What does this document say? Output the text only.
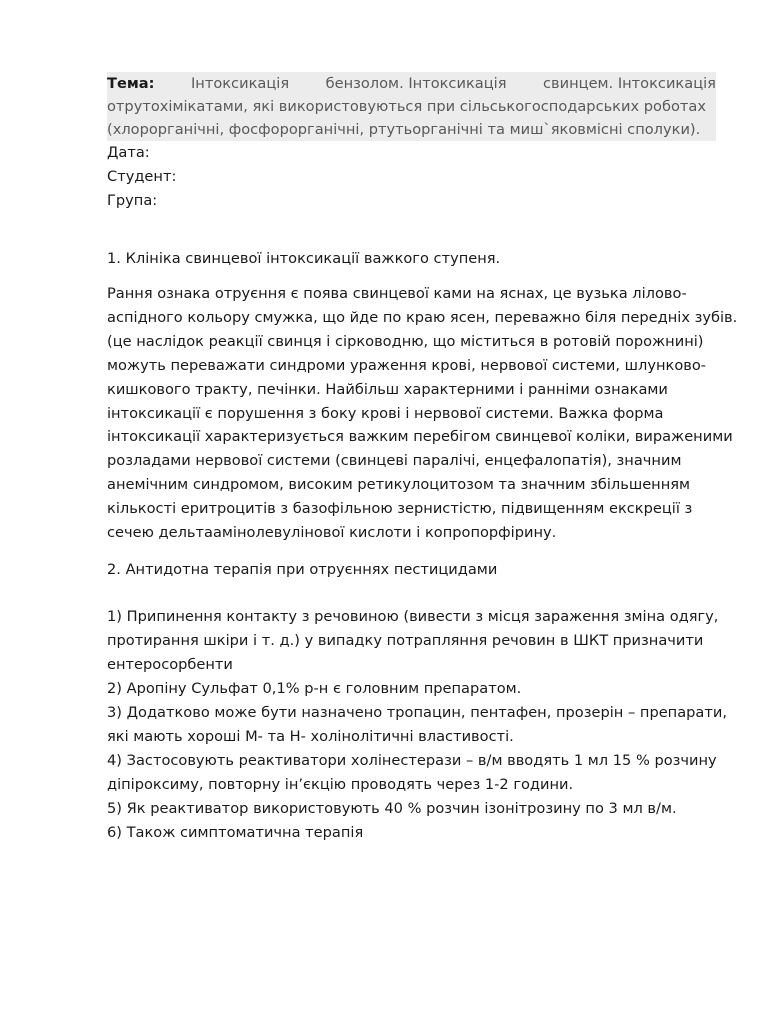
Тема:	Інтоксикація	бензолом. Інтоксикація	свинцем. Інтоксикація
отрутохімікатами, які використовуються при сільськогосподарських роботах
(хлорорганічні, фосфорорганічні, ртутьорганічні та миш`яковмісні сполуки).
Дата:
Студент:
Група:
1. Клініка свинцевої інтоксикації важкого ступеня.

Рання ознака отруєння є поява свинцевої ками на яснах, це вузька лілово-

аспідного кольору смужка, що йде по краю ясен, переважно біля передніх зубів.

(це наслідок реакції свинця і сірководню, що міститься в ротовій порожнині)

можуть переважати синдроми ураження крові, нервової системи, шлунково-

кишкового тракту, печінки. Найбільш характерними і ранніми ознаками

інтоксикації є порушення з боку крові і нервової системи. Важка форма

інтоксикації характеризується важким перебігом свинцевої коліки, вираженими

розладами нервової системи (свинцеві паралічі, енцефалопатія), значним

анемічним синдромом, високим ретикулоцитозом та значним збільшенням

кількості еритроцитів з базофільною зернистістю, підвищенням екскреції з

сечею дельтаамінолевулінової кислоти і копропорфірину.

2. Антидотна терапія при отруєннях пестицидами

1) Припинення контакту з речовиною (вивести з місця зараження зміна одягу,

протирання шкіри і т. д.) у випадку потрапляння речовин в ШКТ призначити

ентеросорбенти

2) Аропіну Сульфат 0,1% р-н є головним препаратом.

3) Додатково може бути назначено тропацин, пентафен, прозерін – препарати,

які мають хороші М- та Н- холінолітичні властивості.

4) Застосовують реактиватори холінестерази – в/м вводять 1 мл 15 % розчину

діпіроксиму, повторну ін’єкцію проводять через 1-2 години.

5) Як реактиватор використовують 40 % розчин ізонітрозину по 3 мл в/м.

6) Також симптоматична терапія
